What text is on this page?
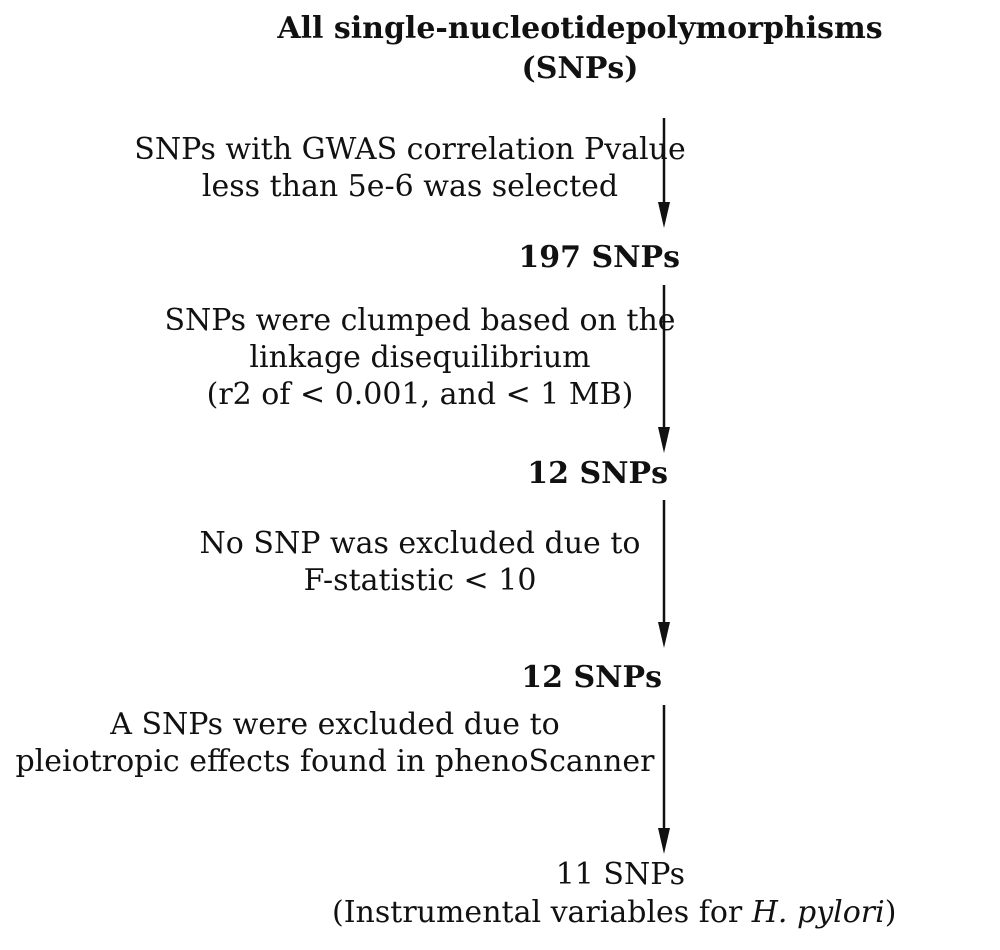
All single-nucleotidepolymorphisms
(SNPs)
SNPs with GWAS correlation Pvalue
less than 5e-6 was selected
197 SNPs
SNPs were clumped based on the
linkage disequilibrium
(r2 of < 0.001, and < 1 MB)
12 SNPs
No SNP was excluded due to
F-statistic < 10
12 SNPs
A SNPs were excluded due to
pleiotropic effects found in phenoScanner
11 SNPs
(Instrumental variables for H. pylori)
